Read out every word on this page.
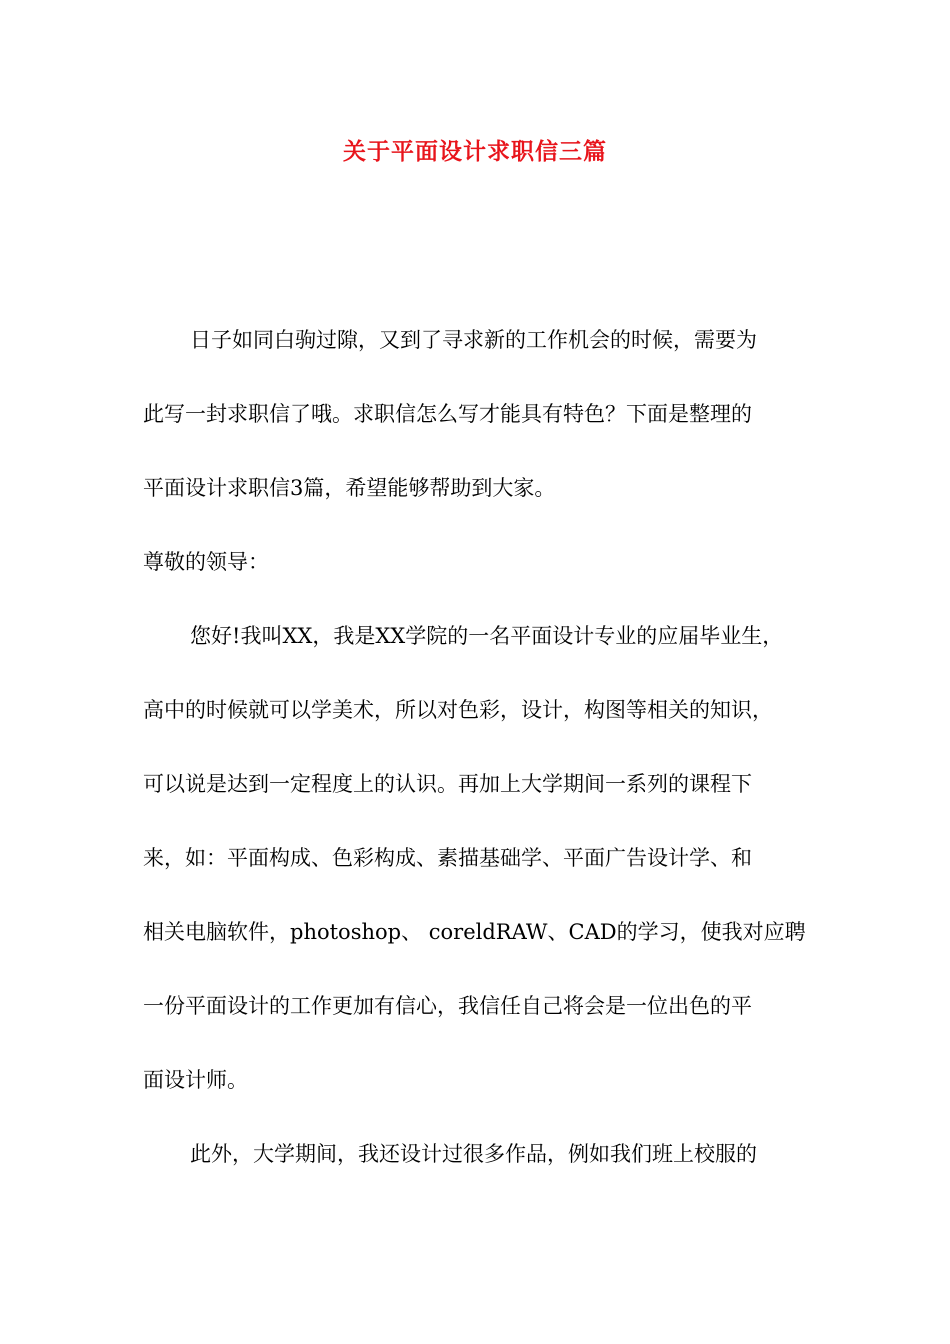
关于平面设计求职信三篇

日子如同白驹过隙，又到了寻求新的工作机会的时候，需要为
此写一封求职信了哦。求职信怎么写才能具有特色？下面是整理的
平面设计求职信3篇，希望能够帮助到大家。

尊敬的领导：

您好!我叫XX，我是XX学院的一名平面设计专业的应届毕业生，
高中的时候就可以学美术，所以对色彩，设计，构图等相关的知识，
可以说是达到一定程度上的认识。再加上大学期间一系列的课程下
来，如：平面构成、色彩构成、素描基础学、平面广告设计学、和
相关电脑软件，photoshop、 coreldRAW、CAD的学习，使我对应聘
一份平面设计的工作更加有信心，我信任自己将会是一位出色的平
面设计师。

此外，大学期间，我还设计过很多作品，例如我们班上校服的
